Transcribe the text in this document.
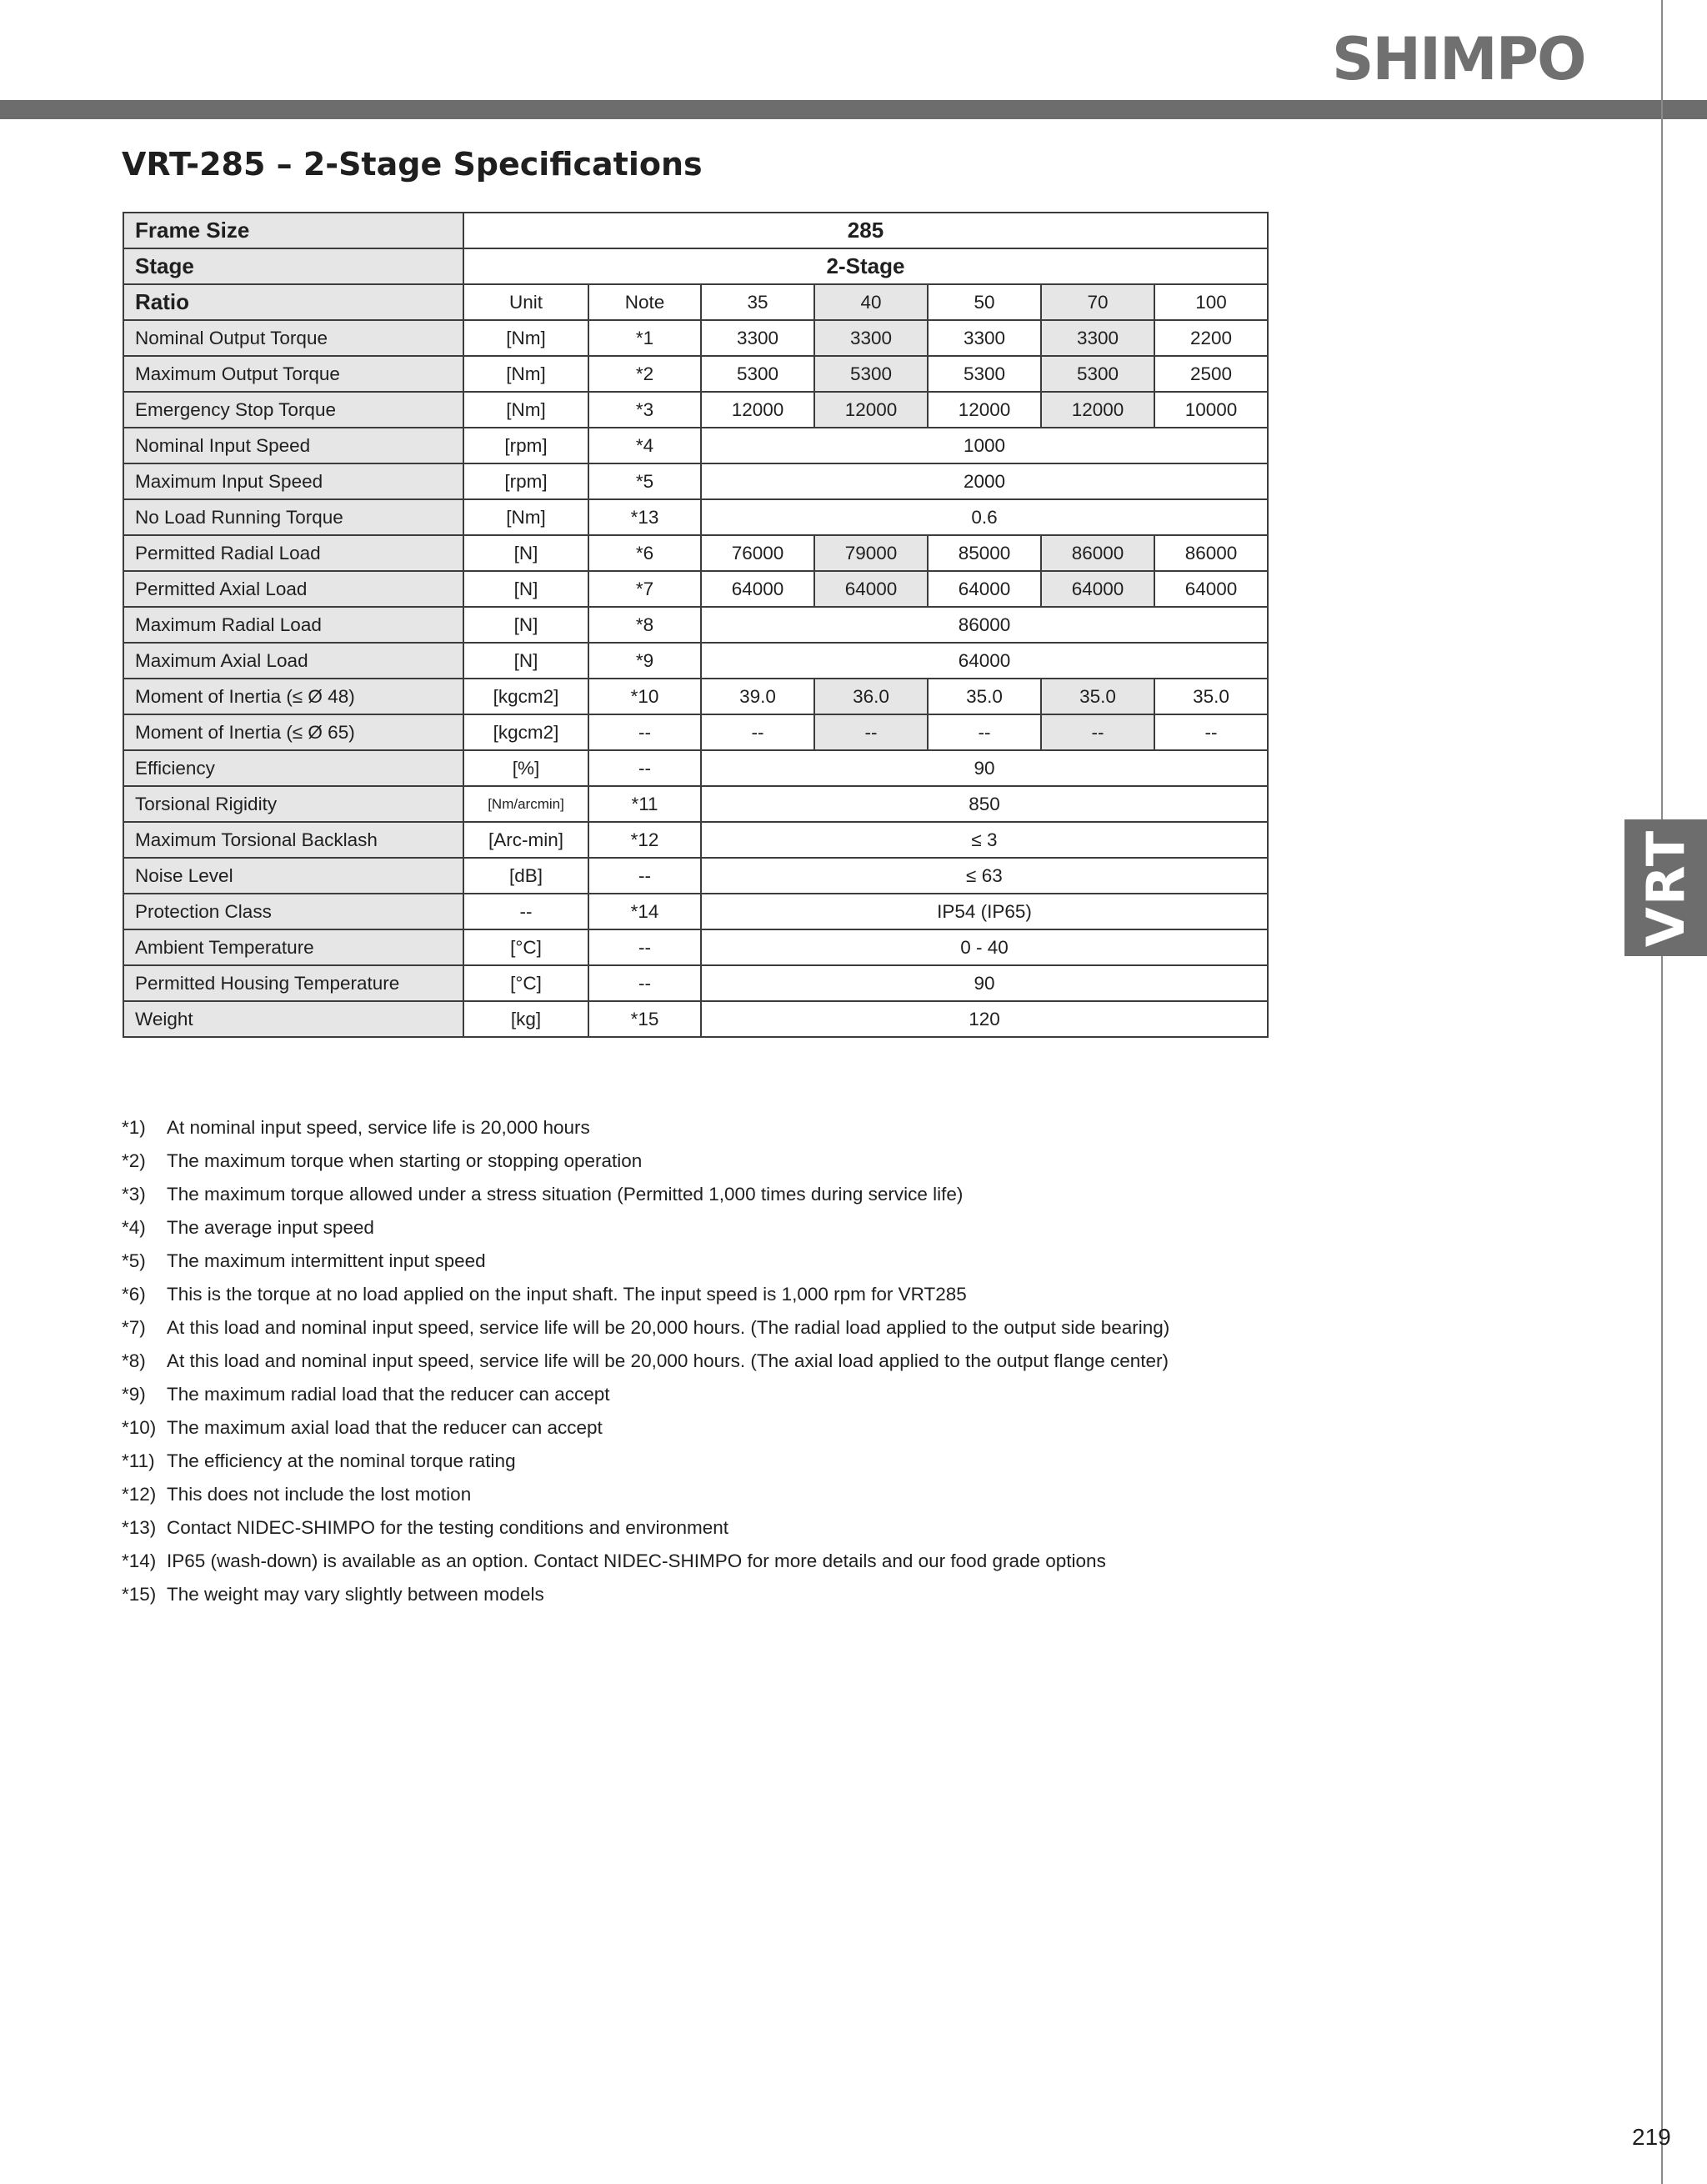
SHIMPO
VRT
VRT-285 – 2-Stage Specifications
Frame Size	285						
Stage	2-Stage						
Ratio	Unit	Note	35	40	50	70	100
Nominal Output Torque	[Nm]	*1	3300	3300	3300	3300	2200
Maximum Output Torque	[Nm]	*2	5300	5300	5300	5300	2500
Emergency Stop Torque	[Nm]	*3	12000	12000	12000	12000	10000
Nominal Input Speed	[rpm]	*4	1000				
Maximum Input Speed	[rpm]	*5	2000				
No Load Running Torque	[Nm]	*13	0.6				
Permitted Radial Load	[N]	*6	76000	79000	85000	86000	86000
Permitted Axial Load	[N]	*7	64000	64000	64000	64000	64000
Maximum Radial Load	[N]	*8	86000				
Maximum Axial Load	[N]	*9	64000				
Moment of Inertia (≤ Ø 48)	[kgcm2]	*10	39.0	36.0	35.0	35.0	35.0
Moment of Inertia (≤ Ø 65)	[kgcm2]	--	--	--	--	--	--
Efficiency	[%]	--	90				
Torsional Rigidity	[Nm/arcmin]	*11	850				
Maximum Torsional Backlash	[Arc-min]	*12	≤ 3				
Noise Level	[dB]	--	≤ 63				
Protection Class	--	*14	IP54 (IP65)				
Ambient Temperature	[°C]	--	0 - 40				
Permitted Housing Temperature	[°C]	--	90				
Weight	[kg]	*15	120				
*1) At nominal input speed, service life is 20,000 hours
*2) The maximum torque when starting or stopping operation
*3) The maximum torque allowed under a stress situation (Permitted 1,000 times during service life)
*4) The average input speed
*5) The maximum intermittent input speed
*6) This is the torque at no load applied on the input shaft. The input speed is 1,000 rpm for VRT285
*7) At this load and nominal input speed, service life will be 20,000 hours. (The radial load applied to the output side bearing)
*8) At this load and nominal input speed, service life will be 20,000 hours. (The axial load applied to the output flange center)
*9) The maximum radial load that the reducer can accept
*10) The maximum axial load that the reducer can accept
*11) The efficiency at the nominal torque rating
*12) This does not include the lost motion
*13) Contact NIDEC-SHIMPO for the testing conditions and environment
*14) IP65 (wash-down) is available as an option. Contact NIDEC-SHIMPO for more details and our food grade options
*15) The weight may vary slightly between models
219
